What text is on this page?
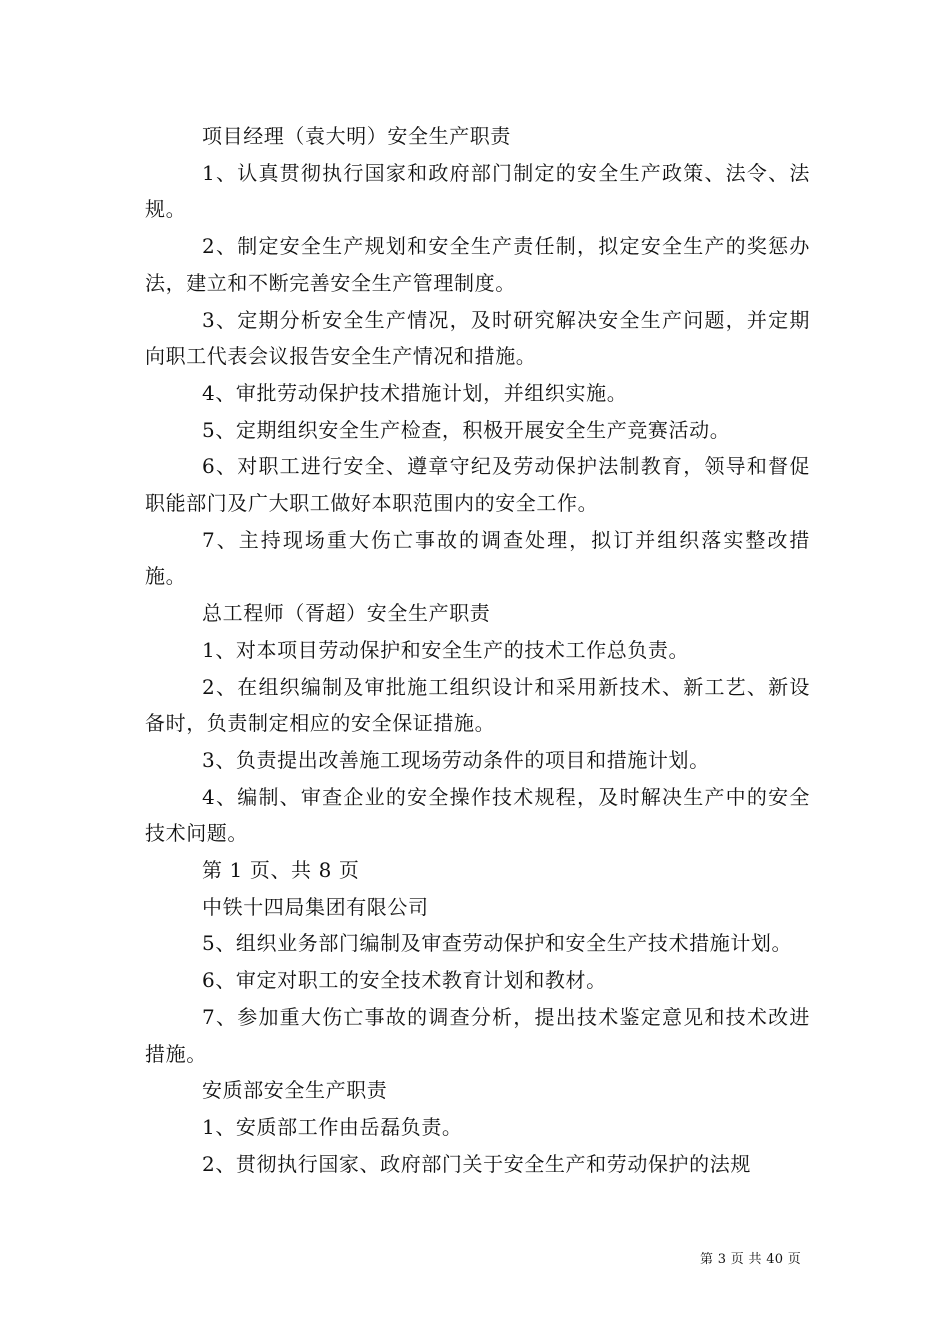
项目经理（袁大明）安全生产职责

1、认真贯彻执行国家和政府部门制定的安全生产政策、法令、法规。

2、制定安全生产规划和安全生产责任制，拟定安全生产的奖惩办法，建立和不断完善安全生产管理制度。

3、定期分析安全生产情况，及时研究解决安全生产问题，并定期向职工代表会议报告安全生产情况和措施。

4、审批劳动保护技术措施计划，并组织实施。

5、定期组织安全生产检查，积极开展安全生产竞赛活动。

6、对职工进行安全、遵章守纪及劳动保护法制教育，领导和督促职能部门及广大职工做好本职范围内的安全工作。

7、主持现场重大伤亡事故的调查处理，拟订并组织落实整改措施。

总工程师（胥超）安全生产职责

1、对本项目劳动保护和安全生产的技术工作总负责。

2、在组织编制及审批施工组织设计和采用新技术、新工艺、新设备时，负责制定相应的安全保证措施。

3、负责提出改善施工现场劳动条件的项目和措施计划。

4、编制、审查企业的安全操作技术规程，及时解决生产中的安全技术问题。

第 1 页、共 8 页

中铁十四局集团有限公司

5、组织业务部门编制及审查劳动保护和安全生产技术措施计划。

6、审定对职工的安全技术教育计划和教材。

7、参加重大伤亡事故的调查分析，提出技术鉴定意见和技术改进措施。

安质部安全生产职责

1、安质部工作由岳磊负责。

2、贯彻执行国家、政府部门关于安全生产和劳动保护的法规

第 3 页 共 40 页
